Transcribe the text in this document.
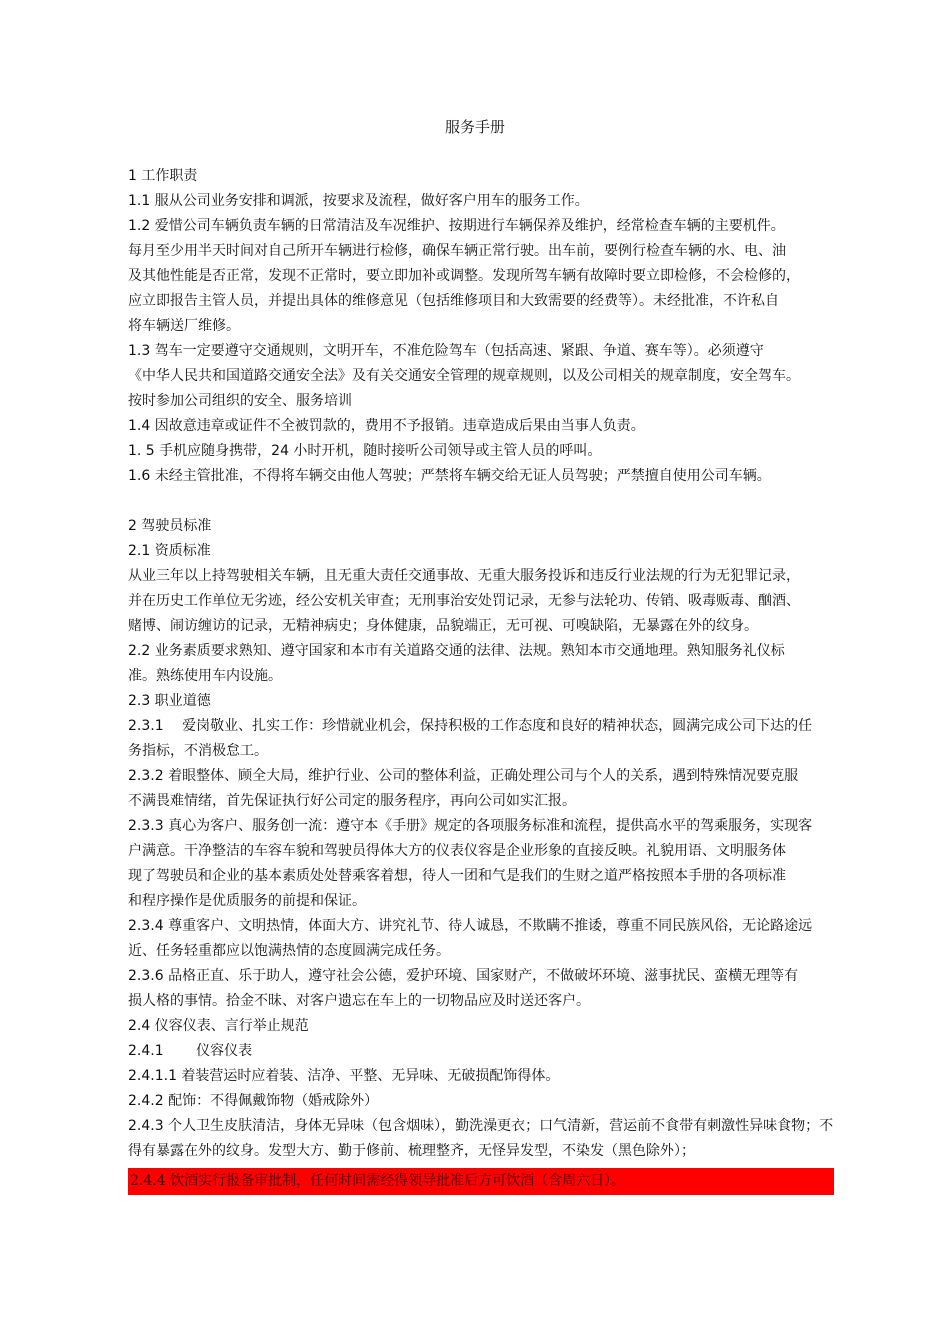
服务手册

1 工作职责

1.1 服从公司业务安排和调派，按要求及流程，做好客户用车的服务工作。

1.2 爱惜公司车辆负责车辆的日常清洁及车况维护、按期进行车辆保养及维护，经常检查车辆的主要机件。

每月至少用半天时间对自己所开车辆进行检修，确保车辆正常行驶。出车前，要例行检查车辆的水、电、油

及其他性能是否正常，发现不正常时，要立即加补或调整。发现所驾车辆有故障时要立即检修，不会检修的，

应立即报告主管人员，并提出具体的维修意见（包括维修项目和大致需要的经费等）。未经批准，不许私自

将车辆送厂维修。

1.3 驾车一定要遵守交通规则，文明开车，不准危险驾车（包括高速、紧跟、争道、赛车等）。必须遵守

《中华人民共和国道路交通安全法》及有关交通安全管理的规章规则，以及公司相关的规章制度，安全驾车。

按时参加公司组织的安全、服务培训

1.4 因故意违章或证件不全被罚款的，费用不予报销。违章造成后果由当事人负责。

1. 5 手机应随身携带，24 小时开机，随时接听公司领导或主管人员的呼叫。

1.6 未经主管批准，不得将车辆交由他人驾驶；严禁将车辆交给无证人员驾驶；严禁擅自使用公司车辆。

2 驾驶员标准

2.1 资质标准

从业三年以上持驾驶相关车辆，且无重大责任交通事故、无重大服务投诉和违反行业法规的行为无犯罪记录，

并在历史工作单位无劣迹，经公安机关审查；无刑事治安处罚记录，无参与法轮功、传销、吸毒贩毒、酗酒、

赌博、闹访缠访的记录，无精神病史；身体健康，品貌端正，无可视、可嗅缺陷，无暴露在外的纹身。

2.2 业务素质要求熟知、遵守国家和本市有关道路交通的法律、法规。熟知本市交通地理。熟知服务礼仪标

准。熟练使用车内设施。

2.3 职业道德

2.3.1 　爱岗敬业、扎实工作：珍惜就业机会，保持积极的工作态度和良好的精神状态，圆满完成公司下达的任

务指标，不消极怠工。

2.3.2 着眼整体、顾全大局，维护行业、公司的整体利益，正确处理公司与个人的关系，遇到特殊情况要克服

不满畏难情绪，首先保证执行好公司定的服务程序，再向公司如实汇报。

2.3.3 真心为客户、服务创一流：遵守本《手册》规定的各项服务标准和流程，提供高水平的驾乘服务，实现客

户满意。干净整洁的车容车貌和驾驶员得体大方的仪表仪容是企业形象的直接反映。礼貌用语、文明服务体

现了驾驶员和企业的基本素质处处替乘客着想，待人一团和气是我们的生财之道严格按照本手册的各项标准

和程序操作是优质服务的前提和保证。

2.3.4 尊重客户、文明热情，体面大方、讲究礼节、待人诚恳，不欺瞒不推诿，尊重不同民族风俗，无论路途远

近、任务轻重都应以饱满热情的态度圆满完成任务。

2.3.6 品格正直、乐于助人，遵守社会公德，爱护环境、国家财产，不做破坏环境、滋事扰民、蛮横无理等有

损人格的事情。拾金不昧、对客户遗忘在车上的一切物品应及时送还客户。

2.4 仪容仪表、言行举止规范

2.4.1 　　仪容仪表

2.4.1.1 着装营运时应着装、洁净、平整、无异味、无破损配饰得体。

2.4.2 配饰：不得佩戴饰物（婚戒除外）

2.4.3 个人卫生皮肤清洁，身体无异味（包含烟味），勤洗澡更衣；口气清新，营运前不食带有刺激性异味食物；不

得有暴露在外的纹身。发型大方、勤于修前、梳理整齐，无怪异发型，不染发（黑色除外）；

2.4.4 饮酒实行报备审批制，任何时间需经得领导批准后方可饮酒（含周六日）。
